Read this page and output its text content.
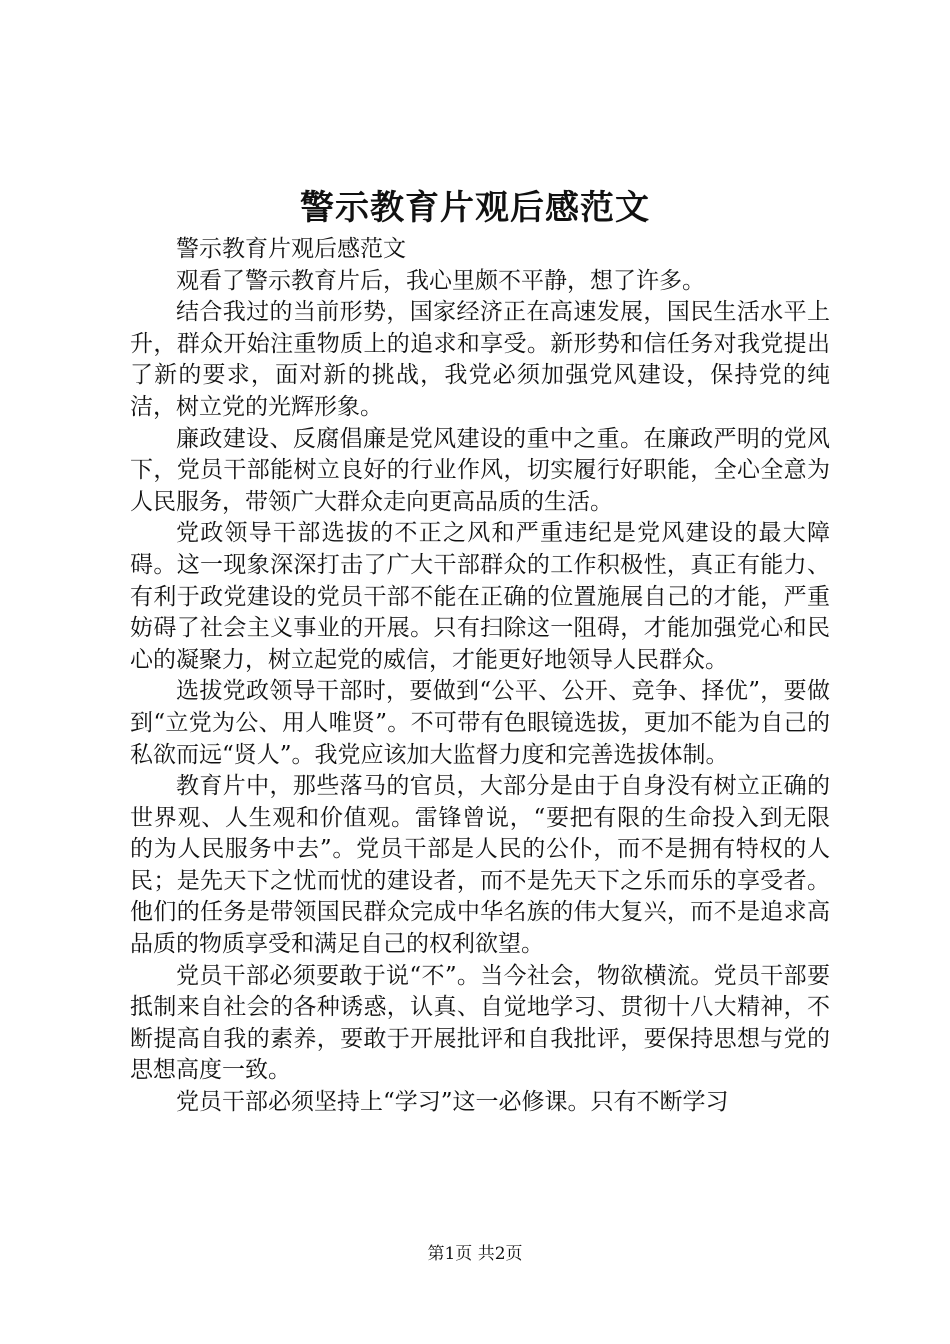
警示教育片观后感范文

警示教育片观后感范文

观看了警示教育片后，我心里颇不平静，想了许多。

结合我过的当前形势，国家经济正在高速发展，国民生活水平上升，群众开始注重物质上的追求和享受。新形势和信任务对我党提出了新的要求，面对新的挑战，我党必须加强党风建设，保持党的纯洁，树立党的光辉形象。

廉政建设、反腐倡廉是党风建设的重中之重。在廉政严明的党风下，党员干部能树立良好的行业作风，切实履行好职能，全心全意为人民服务，带领广大群众走向更高品质的生活。

党政领导干部选拔的不正之风和严重违纪是党风建设的最大障碍。这一现象深深打击了广大干部群众的工作积极性，真正有能力、有利于政党建设的党员干部不能在正确的位置施展自己的才能，严重妨碍了社会主义事业的开展。只有扫除这一阻碍，才能加强党心和民心的凝聚力，树立起党的威信，才能更好地领导人民群众。

选拔党政领导干部时，要做到“公平、公开、竞争、择优”，要做到“立党为公、用人唯贤”。不可带有色眼镜选拔，更加不能为自己的私欲而远“贤人”。我党应该加大监督力度和完善选拔体制。

教育片中，那些落马的官员，大部分是由于自身没有树立正确的世界观、人生观和价值观。雷锋曾说，“要把有限的生命投入到无限的为人民服务中去”。党员干部是人民的公仆，而不是拥有特权的人民；是先天下之忧而忧的建设者，而不是先天下之乐而乐的享受者。他们的任务是带领国民群众完成中华名族的伟大复兴，而不是追求高品质的物质享受和满足自己的权利欲望。

党员干部必须要敢于说“不”。当今社会，物欲横流。党员干部要抵制来自社会的各种诱惑，认真、自觉地学习、贯彻十八大精神，不断提高自我的素养，要敢于开展批评和自我批评，要保持思想与党的思想高度一致。

党员干部必须坚持上“学习”这一必修课。只有不断学习

第1页 共2页
